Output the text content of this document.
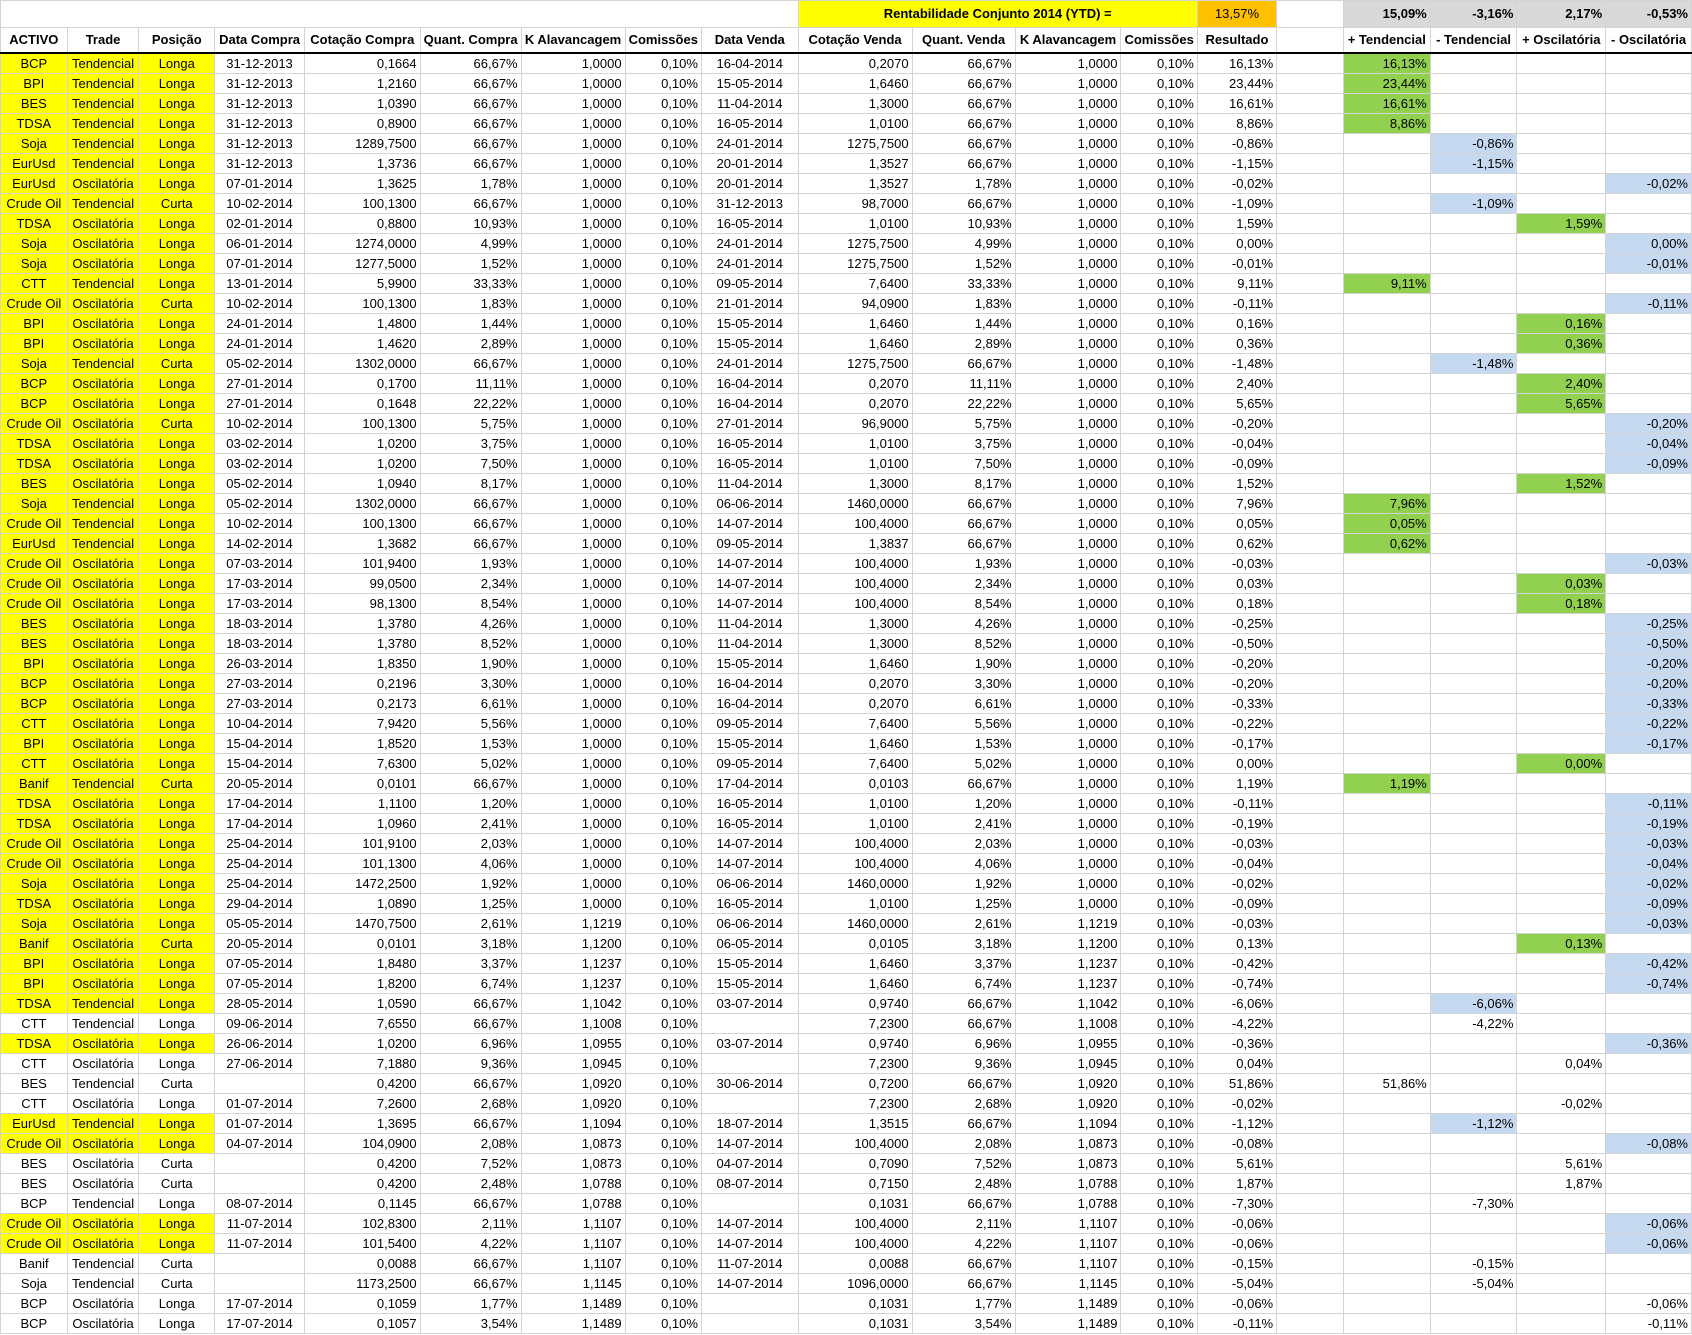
									Rentabilidade Conjunto 2014 (YTD) =				13,57%		15,09%	-3,16%	2,17%	-0,53%
ACTIVO	Trade	Posição	Data Compra	Cotação Compra	Quant. Compra	K Alavancagem	Comissões	Data Venda	Cotação Venda	Quant. Venda	K Alavancagem	Comissões	Resultado		+ Tendencial	- Tendencial	+ Oscilatória	- Oscilatória
BCP	Tendencial	Longa	31-12-2013	0,1664	66,67%	1,0000	0,10%	16-04-2014	0,2070	66,67%	1,0000	0,10%	16,13%		16,13%			
BPI	Tendencial	Longa	31-12-2013	1,2160	66,67%	1,0000	0,10%	15-05-2014	1,6460	66,67%	1,0000	0,10%	23,44%		23,44%			
BES	Tendencial	Longa	31-12-2013	1,0390	66,67%	1,0000	0,10%	11-04-2014	1,3000	66,67%	1,0000	0,10%	16,61%		16,61%			
TDSA	Tendencial	Longa	31-12-2013	0,8900	66,67%	1,0000	0,10%	16-05-2014	1,0100	66,67%	1,0000	0,10%	8,86%		8,86%			
Soja	Tendencial	Longa	31-12-2013	1289,7500	66,67%	1,0000	0,10%	24-01-2014	1275,7500	66,67%	1,0000	0,10%	-0,86%			-0,86%		
EurUsd	Tendencial	Longa	31-12-2013	1,3736	66,67%	1,0000	0,10%	20-01-2014	1,3527	66,67%	1,0000	0,10%	-1,15%			-1,15%		
EurUsd	Oscilatória	Longa	07-01-2014	1,3625	1,78%	1,0000	0,10%	20-01-2014	1,3527	1,78%	1,0000	0,10%	-0,02%					-0,02%
Crude Oil	Tendencial	Curta	10-02-2014	100,1300	66,67%	1,0000	0,10%	31-12-2013	98,7000	66,67%	1,0000	0,10%	-1,09%			-1,09%		
TDSA	Oscilatória	Longa	02-01-2014	0,8800	10,93%	1,0000	0,10%	16-05-2014	1,0100	10,93%	1,0000	0,10%	1,59%				1,59%	
Soja	Oscilatória	Longa	06-01-2014	1274,0000	4,99%	1,0000	0,10%	24-01-2014	1275,7500	4,99%	1,0000	0,10%	0,00%					0,00%
Soja	Oscilatória	Longa	07-01-2014	1277,5000	1,52%	1,0000	0,10%	24-01-2014	1275,7500	1,52%	1,0000	0,10%	-0,01%					-0,01%
CTT	Tendencial	Longa	13-01-2014	5,9900	33,33%	1,0000	0,10%	09-05-2014	7,6400	33,33%	1,0000	0,10%	9,11%		9,11%			
Crude Oil	Oscilatória	Curta	10-02-2014	100,1300	1,83%	1,0000	0,10%	21-01-2014	94,0900	1,83%	1,0000	0,10%	-0,11%					-0,11%
BPI	Oscilatória	Longa	24-01-2014	1,4800	1,44%	1,0000	0,10%	15-05-2014	1,6460	1,44%	1,0000	0,10%	0,16%				0,16%	
BPI	Oscilatória	Longa	24-01-2014	1,4620	2,89%	1,0000	0,10%	15-05-2014	1,6460	2,89%	1,0000	0,10%	0,36%				0,36%	
Soja	Tendencial	Curta	05-02-2014	1302,0000	66,67%	1,0000	0,10%	24-01-2014	1275,7500	66,67%	1,0000	0,10%	-1,48%			-1,48%		
BCP	Oscilatória	Longa	27-01-2014	0,1700	11,11%	1,0000	0,10%	16-04-2014	0,2070	11,11%	1,0000	0,10%	2,40%				2,40%	
BCP	Oscilatória	Longa	27-01-2014	0,1648	22,22%	1,0000	0,10%	16-04-2014	0,2070	22,22%	1,0000	0,10%	5,65%				5,65%	
Crude Oil	Oscilatória	Curta	10-02-2014	100,1300	5,75%	1,0000	0,10%	27-01-2014	96,9000	5,75%	1,0000	0,10%	-0,20%					-0,20%
TDSA	Oscilatória	Longa	03-02-2014	1,0200	3,75%	1,0000	0,10%	16-05-2014	1,0100	3,75%	1,0000	0,10%	-0,04%					-0,04%
TDSA	Oscilatória	Longa	03-02-2014	1,0200	7,50%	1,0000	0,10%	16-05-2014	1,0100	7,50%	1,0000	0,10%	-0,09%					-0,09%
BES	Oscilatória	Longa	05-02-2014	1,0940	8,17%	1,0000	0,10%	11-04-2014	1,3000	8,17%	1,0000	0,10%	1,52%				1,52%	
Soja	Tendencial	Longa	05-02-2014	1302,0000	66,67%	1,0000	0,10%	06-06-2014	1460,0000	66,67%	1,0000	0,10%	7,96%		7,96%			
Crude Oil	Tendencial	Longa	10-02-2014	100,1300	66,67%	1,0000	0,10%	14-07-2014	100,4000	66,67%	1,0000	0,10%	0,05%		0,05%			
EurUsd	Tendencial	Longa	14-02-2014	1,3682	66,67%	1,0000	0,10%	09-05-2014	1,3837	66,67%	1,0000	0,10%	0,62%		0,62%			
Crude Oil	Oscilatória	Longa	07-03-2014	101,9400	1,93%	1,0000	0,10%	14-07-2014	100,4000	1,93%	1,0000	0,10%	-0,03%					-0,03%
Crude Oil	Oscilatória	Longa	17-03-2014	99,0500	2,34%	1,0000	0,10%	14-07-2014	100,4000	2,34%	1,0000	0,10%	0,03%				0,03%	
Crude Oil	Oscilatória	Longa	17-03-2014	98,1300	8,54%	1,0000	0,10%	14-07-2014	100,4000	8,54%	1,0000	0,10%	0,18%				0,18%	
BES	Oscilatória	Longa	18-03-2014	1,3780	4,26%	1,0000	0,10%	11-04-2014	1,3000	4,26%	1,0000	0,10%	-0,25%					-0,25%
BES	Oscilatória	Longa	18-03-2014	1,3780	8,52%	1,0000	0,10%	11-04-2014	1,3000	8,52%	1,0000	0,10%	-0,50%					-0,50%
BPI	Oscilatória	Longa	26-03-2014	1,8350	1,90%	1,0000	0,10%	15-05-2014	1,6460	1,90%	1,0000	0,10%	-0,20%					-0,20%
BCP	Oscilatória	Longa	27-03-2014	0,2196	3,30%	1,0000	0,10%	16-04-2014	0,2070	3,30%	1,0000	0,10%	-0,20%					-0,20%
BCP	Oscilatória	Longa	27-03-2014	0,2173	6,61%	1,0000	0,10%	16-04-2014	0,2070	6,61%	1,0000	0,10%	-0,33%					-0,33%
CTT	Oscilatória	Longa	10-04-2014	7,9420	5,56%	1,0000	0,10%	09-05-2014	7,6400	5,56%	1,0000	0,10%	-0,22%					-0,22%
BPI	Oscilatória	Longa	15-04-2014	1,8520	1,53%	1,0000	0,10%	15-05-2014	1,6460	1,53%	1,0000	0,10%	-0,17%					-0,17%
CTT	Oscilatória	Longa	15-04-2014	7,6300	5,02%	1,0000	0,10%	09-05-2014	7,6400	5,02%	1,0000	0,10%	0,00%				0,00%	
Banif	Tendencial	Curta	20-05-2014	0,0101	66,67%	1,0000	0,10%	17-04-2014	0,0103	66,67%	1,0000	0,10%	1,19%		1,19%			
TDSA	Oscilatória	Longa	17-04-2014	1,1100	1,20%	1,0000	0,10%	16-05-2014	1,0100	1,20%	1,0000	0,10%	-0,11%					-0,11%
TDSA	Oscilatória	Longa	17-04-2014	1,0960	2,41%	1,0000	0,10%	16-05-2014	1,0100	2,41%	1,0000	0,10%	-0,19%					-0,19%
Crude Oil	Oscilatória	Longa	25-04-2014	101,9100	2,03%	1,0000	0,10%	14-07-2014	100,4000	2,03%	1,0000	0,10%	-0,03%					-0,03%
Crude Oil	Oscilatória	Longa	25-04-2014	101,1300	4,06%	1,0000	0,10%	14-07-2014	100,4000	4,06%	1,0000	0,10%	-0,04%					-0,04%
Soja	Oscilatória	Longa	25-04-2014	1472,2500	1,92%	1,0000	0,10%	06-06-2014	1460,0000	1,92%	1,0000	0,10%	-0,02%					-0,02%
TDSA	Oscilatória	Longa	29-04-2014	1,0890	1,25%	1,0000	0,10%	16-05-2014	1,0100	1,25%	1,0000	0,10%	-0,09%					-0,09%
Soja	Oscilatória	Longa	05-05-2014	1470,7500	2,61%	1,1219	0,10%	06-06-2014	1460,0000	2,61%	1,1219	0,10%	-0,03%					-0,03%
Banif	Oscilatória	Curta	20-05-2014	0,0101	3,18%	1,1200	0,10%	06-05-2014	0,0105	3,18%	1,1200	0,10%	0,13%				0,13%	
BPI	Oscilatória	Longa	07-05-2014	1,8480	3,37%	1,1237	0,10%	15-05-2014	1,6460	3,37%	1,1237	0,10%	-0,42%					-0,42%
BPI	Oscilatória	Longa	07-05-2014	1,8200	6,74%	1,1237	0,10%	15-05-2014	1,6460	6,74%	1,1237	0,10%	-0,74%					-0,74%
TDSA	Tendencial	Longa	28-05-2014	1,0590	66,67%	1,1042	0,10%	03-07-2014	0,9740	66,67%	1,1042	0,10%	-6,06%			-6,06%		
CTT	Tendencial	Longa	09-06-2014	7,6550	66,67%	1,1008	0,10%		7,2300	66,67%	1,1008	0,10%	-4,22%			-4,22%		
TDSA	Oscilatória	Longa	26-06-2014	1,0200	6,96%	1,0955	0,10%	03-07-2014	0,9740	6,96%	1,0955	0,10%	-0,36%					-0,36%
CTT	Oscilatória	Longa	27-06-2014	7,1880	9,36%	1,0945	0,10%		7,2300	9,36%	1,0945	0,10%	0,04%				0,04%	
BES	Tendencial	Curta		0,4200	66,67%	1,0920	0,10%	30-06-2014	0,7200	66,67%	1,0920	0,10%	51,86%		51,86%			
CTT	Oscilatória	Longa	01-07-2014	7,2600	2,68%	1,0920	0,10%		7,2300	2,68%	1,0920	0,10%	-0,02%				-0,02%	
EurUsd	Tendencial	Longa	01-07-2014	1,3695	66,67%	1,1094	0,10%	18-07-2014	1,3515	66,67%	1,1094	0,10%	-1,12%			-1,12%		
Crude Oil	Oscilatória	Longa	04-07-2014	104,0900	2,08%	1,0873	0,10%	14-07-2014	100,4000	2,08%	1,0873	0,10%	-0,08%					-0,08%
BES	Oscilatória	Curta		0,4200	7,52%	1,0873	0,10%	04-07-2014	0,7090	7,52%	1,0873	0,10%	5,61%				5,61%	
BES	Oscilatória	Curta		0,4200	2,48%	1,0788	0,10%	08-07-2014	0,7150	2,48%	1,0788	0,10%	1,87%				1,87%	
BCP	Tendencial	Longa	08-07-2014	0,1145	66,67%	1,0788	0,10%		0,1031	66,67%	1,0788	0,10%	-7,30%			-7,30%		
Crude Oil	Oscilatória	Longa	11-07-2014	102,8300	2,11%	1,1107	0,10%	14-07-2014	100,4000	2,11%	1,1107	0,10%	-0,06%					-0,06%
Crude Oil	Oscilatória	Longa	11-07-2014	101,5400	4,22%	1,1107	0,10%	14-07-2014	100,4000	4,22%	1,1107	0,10%	-0,06%					-0,06%
Banif	Tendencial	Curta		0,0088	66,67%	1,1107	0,10%	11-07-2014	0,0088	66,67%	1,1107	0,10%	-0,15%			-0,15%		
Soja	Tendencial	Curta		1173,2500	66,67%	1,1145	0,10%	14-07-2014	1096,0000	66,67%	1,1145	0,10%	-5,04%			-5,04%		
BCP	Oscilatória	Longa	17-07-2014	0,1059	1,77%	1,1489	0,10%		0,1031	1,77%	1,1489	0,10%	-0,06%					-0,06%
BCP	Oscilatória	Longa	17-07-2014	0,1057	3,54%	1,1489	0,10%		0,1031	3,54%	1,1489	0,10%	-0,11%					-0,11%
